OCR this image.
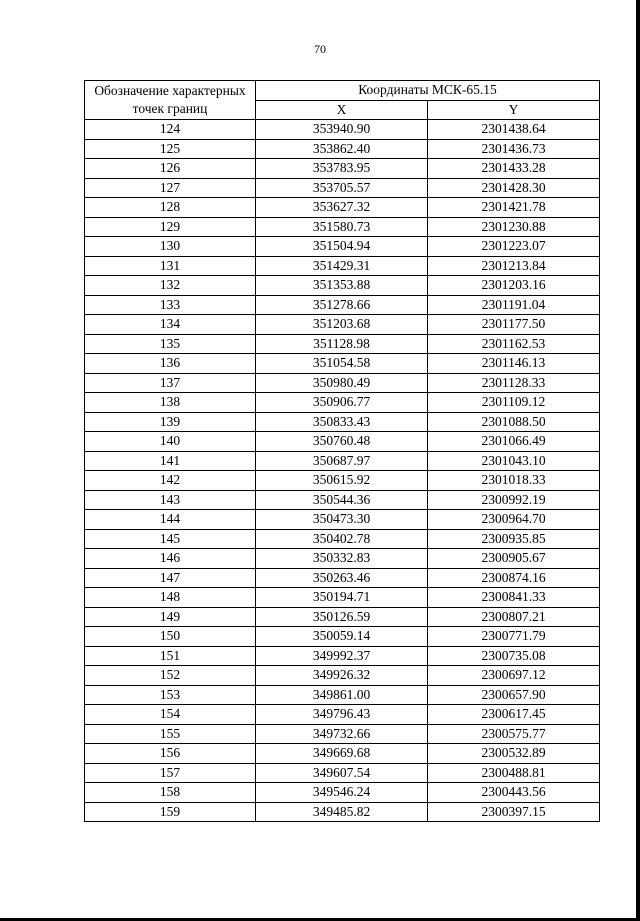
70
Обозначение характерных точек границ	Координаты МСК-65.15	
	X	Y
124	353940.90	2301438.64
125	353862.40	2301436.73
126	353783.95	2301433.28
127	353705.57	2301428.30
128	353627.32	2301421.78
129	351580.73	2301230.88
130	351504.94	2301223.07
131	351429.31	2301213.84
132	351353.88	2301203.16
133	351278.66	2301191.04
134	351203.68	2301177.50
135	351128.98	2301162.53
136	351054.58	2301146.13
137	350980.49	2301128.33
138	350906.77	2301109.12
139	350833.43	2301088.50
140	350760.48	2301066.49
141	350687.97	2301043.10
142	350615.92	2301018.33
143	350544.36	2300992.19
144	350473.30	2300964.70
145	350402.78	2300935.85
146	350332.83	2300905.67
147	350263.46	2300874.16
148	350194.71	2300841.33
149	350126.59	2300807.21
150	350059.14	2300771.79
151	349992.37	2300735.08
152	349926.32	2300697.12
153	349861.00	2300657.90
154	349796.43	2300617.45
155	349732.66	2300575.77
156	349669.68	2300532.89
157	349607.54	2300488.81
158	349546.24	2300443.56
159	349485.82	2300397.15
